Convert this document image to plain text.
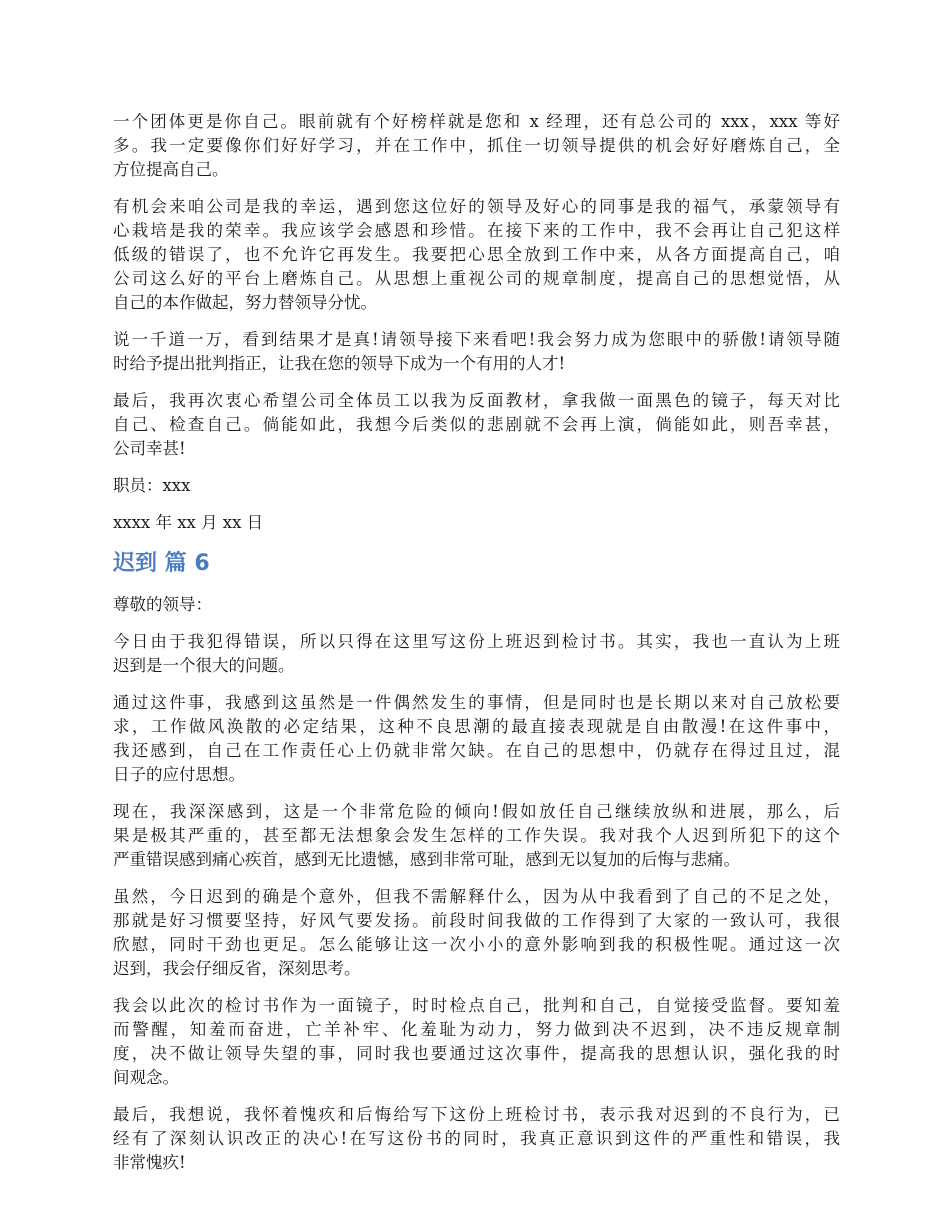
一个团体更是你自己。眼前就有个好榜样就是您和 x 经理，还有总公司的 xxx，xxx 等好
多。我一定要像你们好好学习，并在工作中，抓住一切领导提供的机会好好磨炼自己，全
方位提高自己。

有机会来咱公司是我的幸运，遇到您这位好的领导及好心的同事是我的福气，承蒙领导有
心栽培是我的荣幸。我应该学会感恩和珍惜。在接下来的工作中，我不会再让自己犯这样
低级的错误了，也不允许它再发生。我要把心思全放到工作中来，从各方面提高自己，咱
公司这么好的平台上磨炼自己。从思想上重视公司的规章制度，提高自己的思想觉悟，从
自己的本作做起，努力替领导分忧。

说一千道一万，看到结果才是真!请领导接下来看吧!我会努力成为您眼中的骄傲!请领导随
时给予提出批判指正，让我在您的领导下成为一个有用的人才!

最后，我再次衷心希望公司全体员工以我为反面教材，拿我做一面黑色的镜子，每天对比
自己、检查自己。倘能如此，我想今后类似的悲剧就不会再上演，倘能如此，则吾幸甚，
公司幸甚!

职员：xxx

xxxx 年 xx 月 xx 日

迟到 篇 6

尊敬的领导：

今日由于我犯得错误，所以只得在这里写这份上班迟到检讨书。其实，我也一直认为上班
迟到是一个很大的问题。

通过这件事，我感到这虽然是一件偶然发生的事情，但是同时也是长期以来对自己放松要
求，工作做风涣散的必定结果，这种不良思潮的最直接表现就是自由散漫!在这件事中，
我还感到，自己在工作责任心上仍就非常欠缺。在自己的思想中，仍就存在得过且过，混
日子的应付思想。

现在，我深深感到，这是一个非常危险的倾向!假如放任自己继续放纵和进展，那么，后
果是极其严重的，甚至都无法想象会发生怎样的工作失误。我对我个人迟到所犯下的这个
严重错误感到痛心疾首，感到无比遗憾，感到非常可耻，感到无以复加的后悔与悲痛。

虽然，今日迟到的确是个意外，但我不需解释什么，因为从中我看到了自己的不足之处，
那就是好习惯要坚持，好风气要发扬。前段时间我做的工作得到了大家的一致认可，我很
欣慰，同时干劲也更足。怎么能够让这一次小小的意外影响到我的积极性呢。通过这一次
迟到，我会仔细反省，深刻思考。

我会以此次的检讨书作为一面镜子，时时检点自己，批判和自己，自觉接受监督。要知羞
而警醒，知羞而奋进，亡羊补牢、化羞耻为动力，努力做到决不迟到，决不违反规章制
度，决不做让领导失望的事，同时我也要通过这次事件，提高我的思想认识，强化我的时
间观念。

最后，我想说，我怀着愧疚和后悔给写下这份上班检讨书，表示我对迟到的不良行为，已
经有了深刻认识改正的决心!在写这份书的同时，我真正意识到这件的严重性和错误，我
非常愧疚!
